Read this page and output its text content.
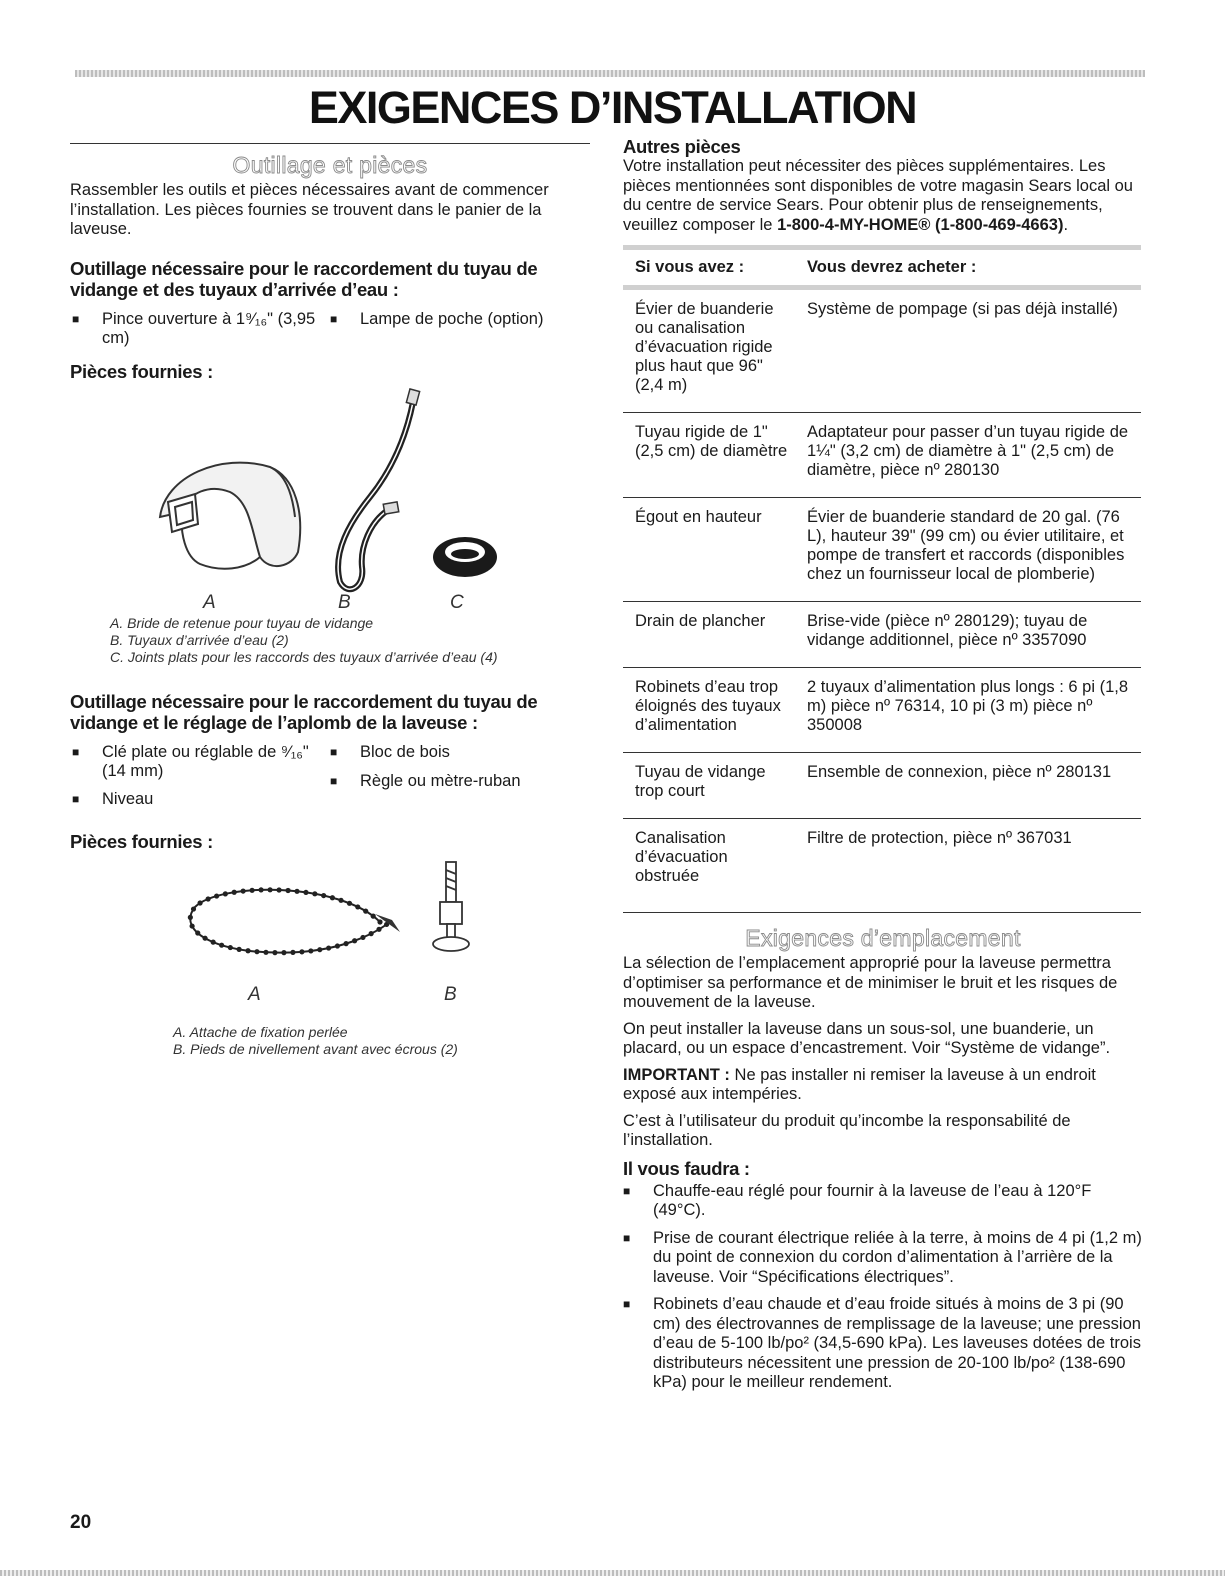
EXIGENCES D’INSTALLATION
Outillage et pièces

Rassembler les outils et pièces nécessaires avant de commencer l’installation. Les pièces fournies se trouvent dans le panier de la laveuse.

Outillage nécessaire pour le raccordement du tuyau de vidange et des tuyaux d’arrivée d’eau :
■	Pince ouverture à 1⁹⁄₁₆" (3,95 cm)
■	Lampe de poche (option)
Pièces fournies :
A	B	C
A. Bride de retenue pour tuyau de vidange
B. Tuyaux d’arrivée d’eau (2)
C. Joints plats pour les raccords des tuyaux d’arrivée d’eau (4)
Outillage nécessaire pour le raccordement du tuyau de vidange et le réglage de l’aplomb de la laveuse :
■	Clé plate ou réglable de ⁹⁄₁₆" (14 mm)
■	Niveau
■	Bloc de bois
■	Règle ou mètre-ruban
Pièces fournies :
A	B
A. Attache de fixation perlée
B. Pieds de nivellement avant avec écrous (2)
Autres pièces

Votre installation peut nécessiter des pièces supplémentaires. Les pièces mentionnées sont disponibles de votre magasin Sears local ou du centre de service Sears. Pour obtenir plus de renseignements, veuillez composer le 1-800-4-MY-HOME® (1-800-469-4663).

Si vous avez :	Vous devrez acheter :
Évier de buanderie ou canalisation d’évacuation rigide plus haut que 96" (2,4 m)	Système de pompage (si pas déjà installé)
Tuyau rigide de 1" (2,5 cm) de diamètre	Adaptateur pour passer d’un tuyau rigide de 1¼" (3,2 cm) de diamètre à 1" (2,5 cm) de diamètre, pièce nº 280130
Égout en hauteur	Évier de buanderie standard de 20 gal. (76 L), hauteur 39" (99 cm) ou évier utilitaire, et pompe de transfert et raccords (disponibles chez un fournisseur local de plomberie)
Drain de plancher	Brise-vide (pièce nº 280129); tuyau de vidange additionnel, pièce nº 3357090
Robinets d’eau trop éloignés des tuyaux d’alimentation	2 tuyaux d’alimentation plus longs : 6 pi (1,8 m) pièce nº 76314, 10 pi (3 m) pièce nº 350008
Tuyau de vidange trop court	Ensemble de connexion, pièce nº 280131
Canalisation d’évacuation obstruée	Filtre de protection, pièce nº 367031
Exigences d’emplacement

La sélection de l’emplacement approprié pour la laveuse permettra d’optimiser sa performance et de minimiser le bruit et les risques de mouvement de la laveuse.

On peut installer la laveuse dans un sous-sol, une buanderie, un placard, ou un espace d’encastrement. Voir “Système de vidange”.

IMPORTANT : Ne pas installer ni remiser la laveuse à un endroit exposé aux intempéries.

C’est à l’utilisateur du produit qu’incombe la responsabilité de l’installation.

Il vous faudra :
■	Chauffe-eau réglé pour fournir à la laveuse de l’eau à 120°F (49°C).
■	Prise de courant électrique reliée à la terre, à moins de 4 pi (1,2 m) du point de connexion du cordon d’alimentation à l’arrière de la laveuse. Voir “Spécifications électriques”.
■	Robinets d’eau chaude et d’eau froide situés à moins de 3 pi (90 cm) des électrovannes de remplissage de la laveuse; une pression d’eau de 5-100 lb/po² (34,5-690 kPa). Les laveuses dotées de trois distributeurs nécessitent une pression de 20-100 lb/po² (138-690 kPa) pour le meilleur rendement.
20
